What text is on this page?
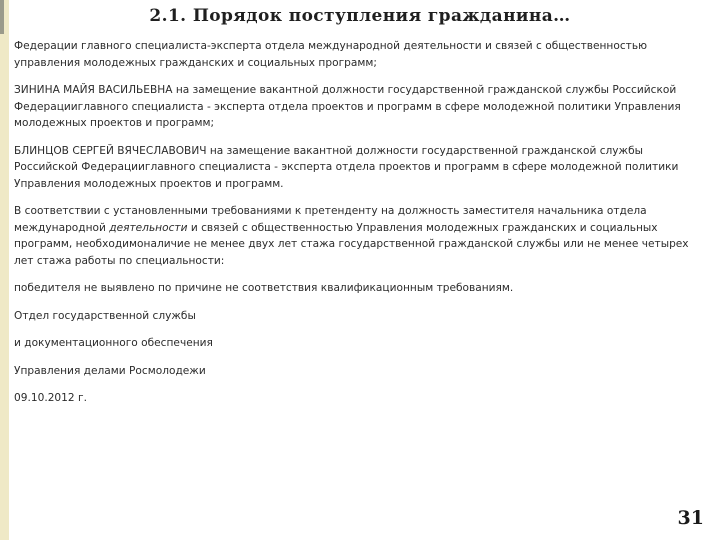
2.1. Порядок поступления гражданина…

Федерации главного специалиста-эксперта отдела международной деятельности и связей с общественностью управления молодежных гражданских и социальных программ;

ЗИНИНА МАЙЯ ВАСИЛЬЕВНА на замещение вакантной должности государственной гражданской службы Российской Федерацииглавного специалиста - эксперта отдела проектов и программ в сфере молодежной политики Управления молодежных проектов и программ;

БЛИНЦОВ СЕРГЕЙ ВЯЧЕСЛАВОВИЧ на замещение вакантной должности государственной гражданской службы Российской Федерацииглавного специалиста - эксперта отдела проектов и программ в сфере молодежной политики Управления молодежных проектов и программ.

В соответствии с установленными требованиями к претенденту на должность заместителя начальника отдела международной деятельности и связей с общественностью Управления молодежных гражданских и социальных программ, необходимоналичие не менее двух лет стажа государственной гражданской службы или не менее четырех лет стажа работы по специальности:

победителя не выявлено по причине не соответствия квалификационным требованиям.

Отдел государственной службы

и документационного обеспечения

Управления делами Росмолодежи

09.10.2012 г.

31
